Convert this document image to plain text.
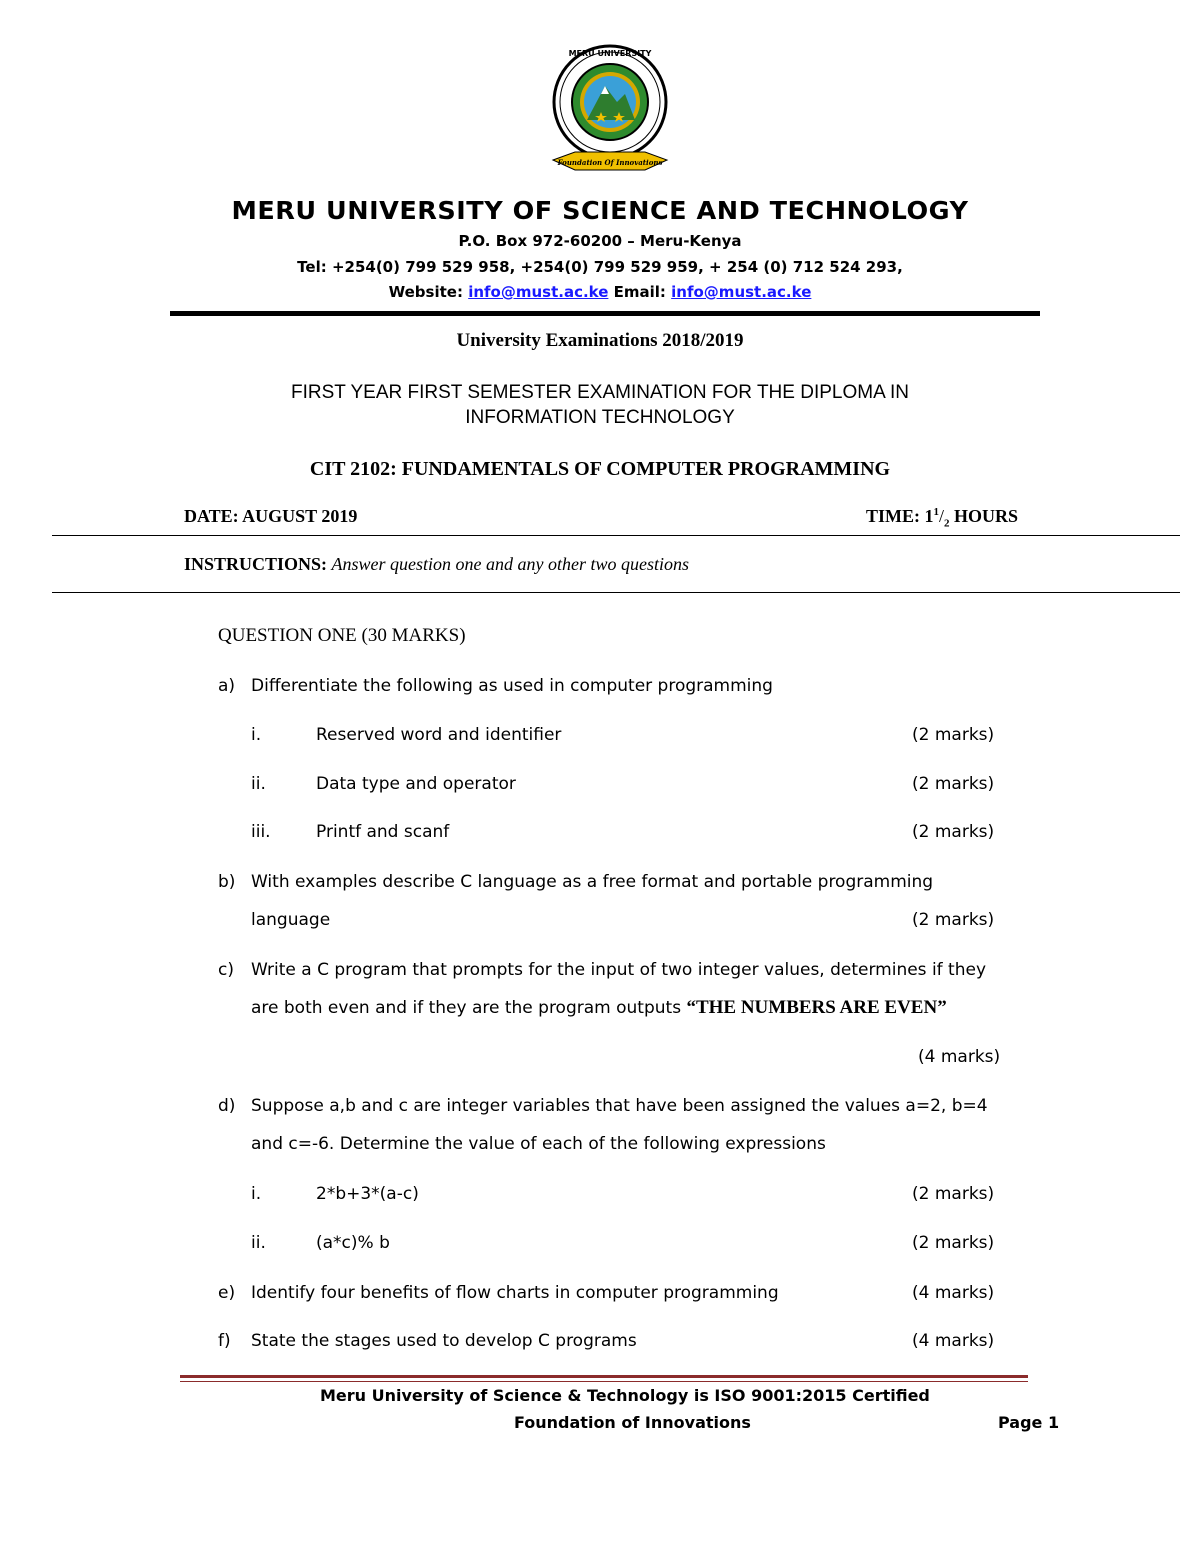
MERU UNIVERSITY
Foundation Of Innovations
MERU UNIVERSITY OF SCIENCE AND TECHNOLOGY
P.O. Box 972-60200 – Meru-Kenya
Tel: +254(0) 799 529 958, +254(0) 799 529 959, + 254 (0) 712 524 293,
Website: info@must.ac.ke Email: info@must.ac.ke
University Examinations 2018/2019
FIRST YEAR FIRST SEMESTER EXAMINATION FOR THE DIPLOMA IN
INFORMATION TECHNOLOGY
CIT 2102: FUNDAMENTALS OF COMPUTER PROGRAMMING
DATE: AUGUST 2019	TIME: $1^1/_2$ HOURS
INSTRUCTIONS: Answer question one and any other two questions
QUESTION ONE (30 MARKS)
a) Differentiate the following as used in computer programming
i.	Reserved word and identifier	(2 marks)
ii.	Data type and operator	(2 marks)
iii.	Printf and scanf	(2 marks)
b) With examples describe C language as a free format and portable programming
language	(2 marks)
c) Write a C program that prompts for the input of two integer values, determines if they
are both even and if they are the program outputs “THE NUMBERS ARE EVEN”
(4 marks)
d) Suppose a,b and c are integer variables that have been assigned the values a=2, b=4
and c=-6. Determine the value of each of the following expressions
i.	2*b+3*(a-c)	(2 marks)
ii.	(a*c)% b	(2 marks)
e) Identify four benefits of flow charts in computer programming	(4 marks)
f) State the stages used to develop C programs	(4 marks)
Meru University of Science & Technology is ISO 9001:2015 Certified
Foundation of Innovations	Page 1
